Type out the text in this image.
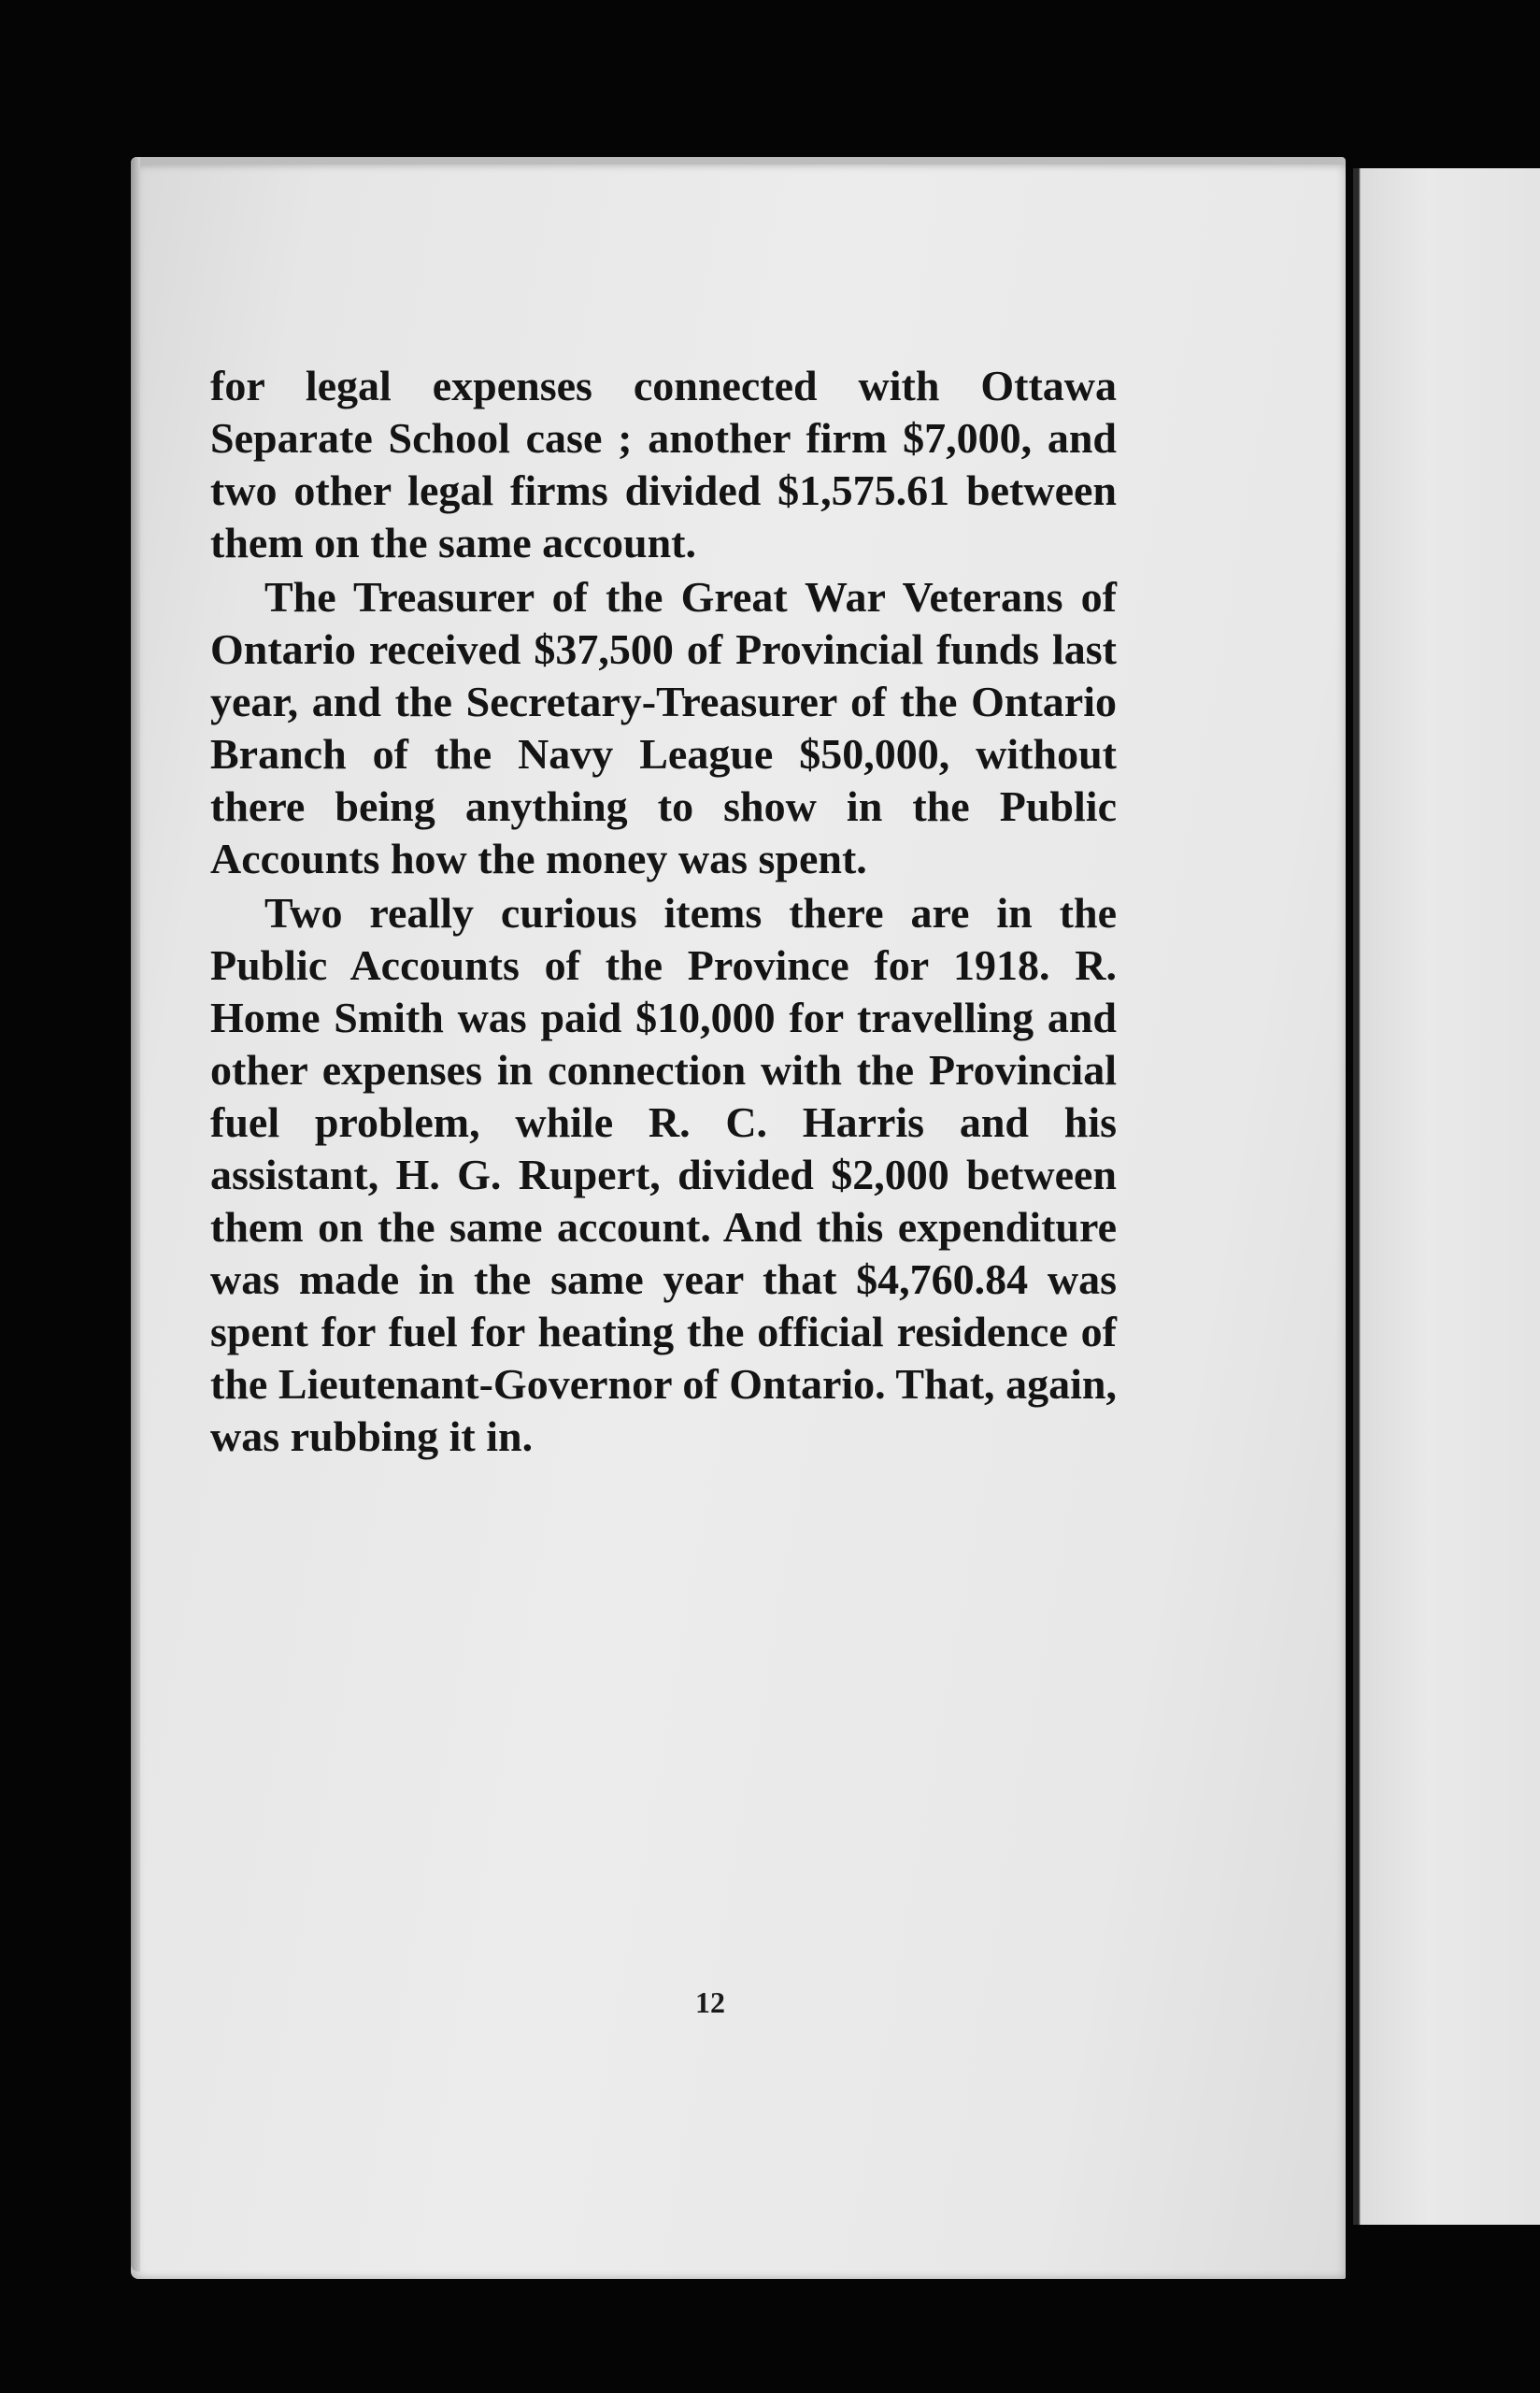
12

for legal expenses connected with Ottawa Separate School case ; another firm $7,000, and two other legal firms divided $1,575.61 between them on the same account.

The Treasurer of the Great War Veterans of Ontario received $37,500 of Provincial funds last year, and the Secretary-Treasurer of the Ontario Branch of the Navy League $50,000, without there being anything to show in the Public Accounts how the money was spent.

Two really curious items there are in the Public Accounts of the Province for 1918. R. Home Smith was paid $10,000 for travelling and other expenses in connection with the Provincial fuel problem, while R. C. Harris and his assistant, H. G. Rupert, divided $2,000 between them on the same account. And this expenditure was made in the same year that $4,760.84 was spent for fuel for heating the official residence of the Lieutenant-Governor of Ontario. That, again, was rubbing it in.
